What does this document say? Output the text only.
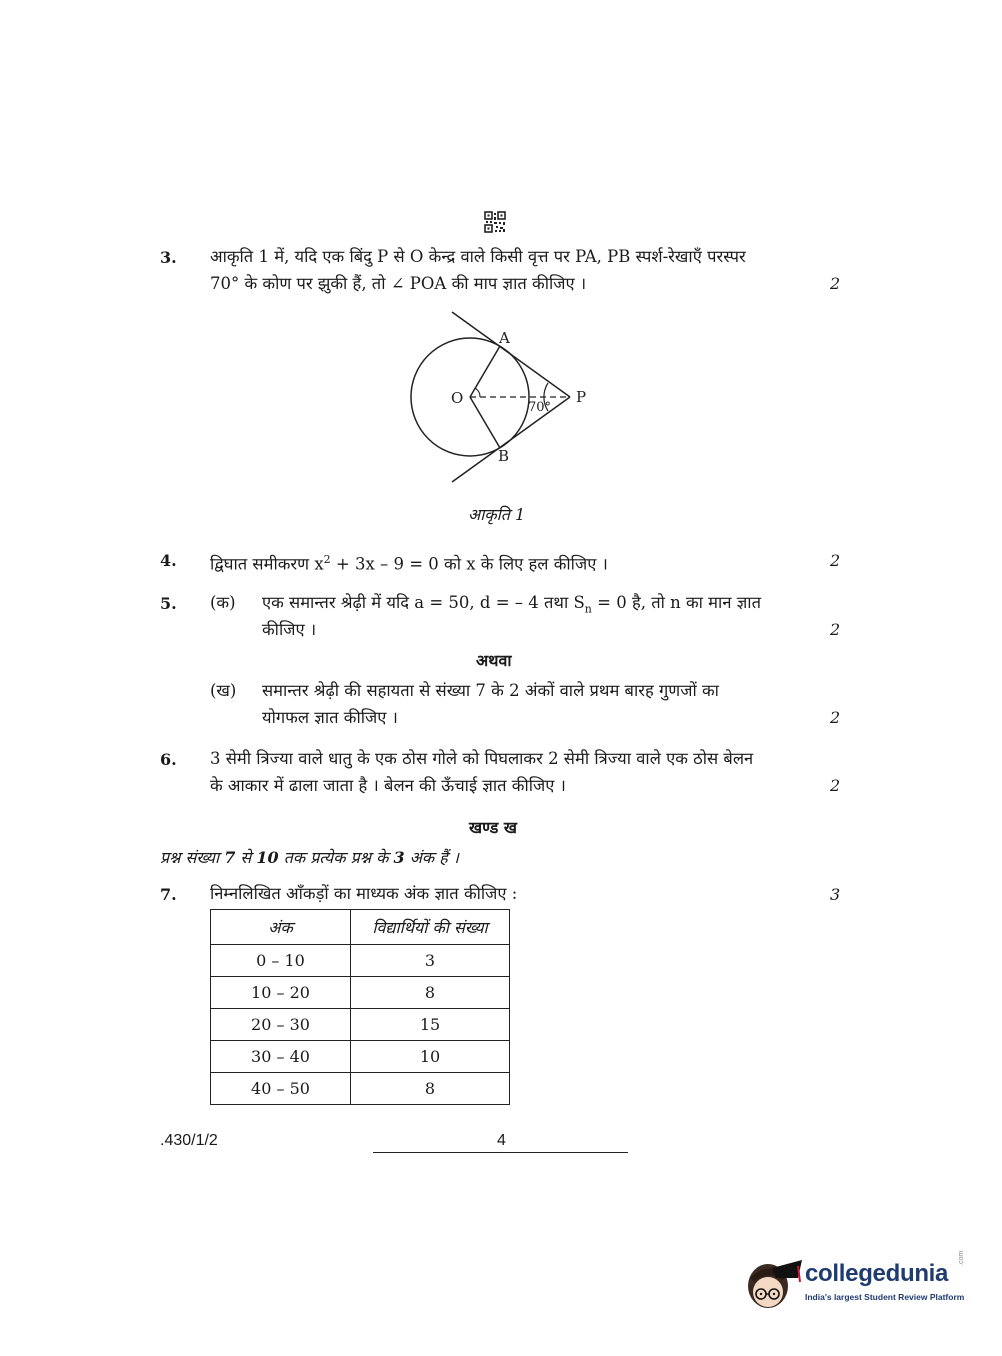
3. आकृति 1 में, यदि एक बिंदु P से O केन्द्र वाले किसी वृत्त पर PA, PB स्पर्श-रेखाएँ परस्पर
70° के कोण पर झुकी हैं, तो ∠ POA की माप ज्ञात कीजिए ।	2
O
A
B
P
70°
आकृति 1
4. द्विघात समीकरण $x^2 + 3x - 9 = 0$ को x के लिए हल कीजिए ।	2
5. (क) एक समान्तर श्रेढ़ी में यदि a = 50, d = – 4 तथा $S_n = 0$ है, तो n का मान ज्ञात
कीजिए ।	2
अथवा
(ख) समान्तर श्रेढ़ी की सहायता से संख्या 7 के 2 अंकों वाले प्रथम बारह गुणजों का
योगफल ज्ञात कीजिए ।	2
6. 3 सेमी त्रिज्या वाले धातु के एक ठोस गोले को पिघलाकर 2 सेमी त्रिज्या वाले एक ठोस बेलन
के आकार में ढाला जाता है । बेलन की ऊँचाई ज्ञात कीजिए ।	2
खण्ड ख
प्रश्न संख्या 7 से 10 तक प्रत्येक प्रश्न के 3 अंक हैं ।
7. निम्नलिखित आँकड़ों का माध्यक अंक ज्ञात कीजिए :	3
अंक	विद्यार्थियों की संख्या
0 – 10	3
10 – 20	8
20 – 30	15
30 – 40	10
40 – 50	8
.430/1/2	4
collegedunia
.com
India's largest Student Review Platform
